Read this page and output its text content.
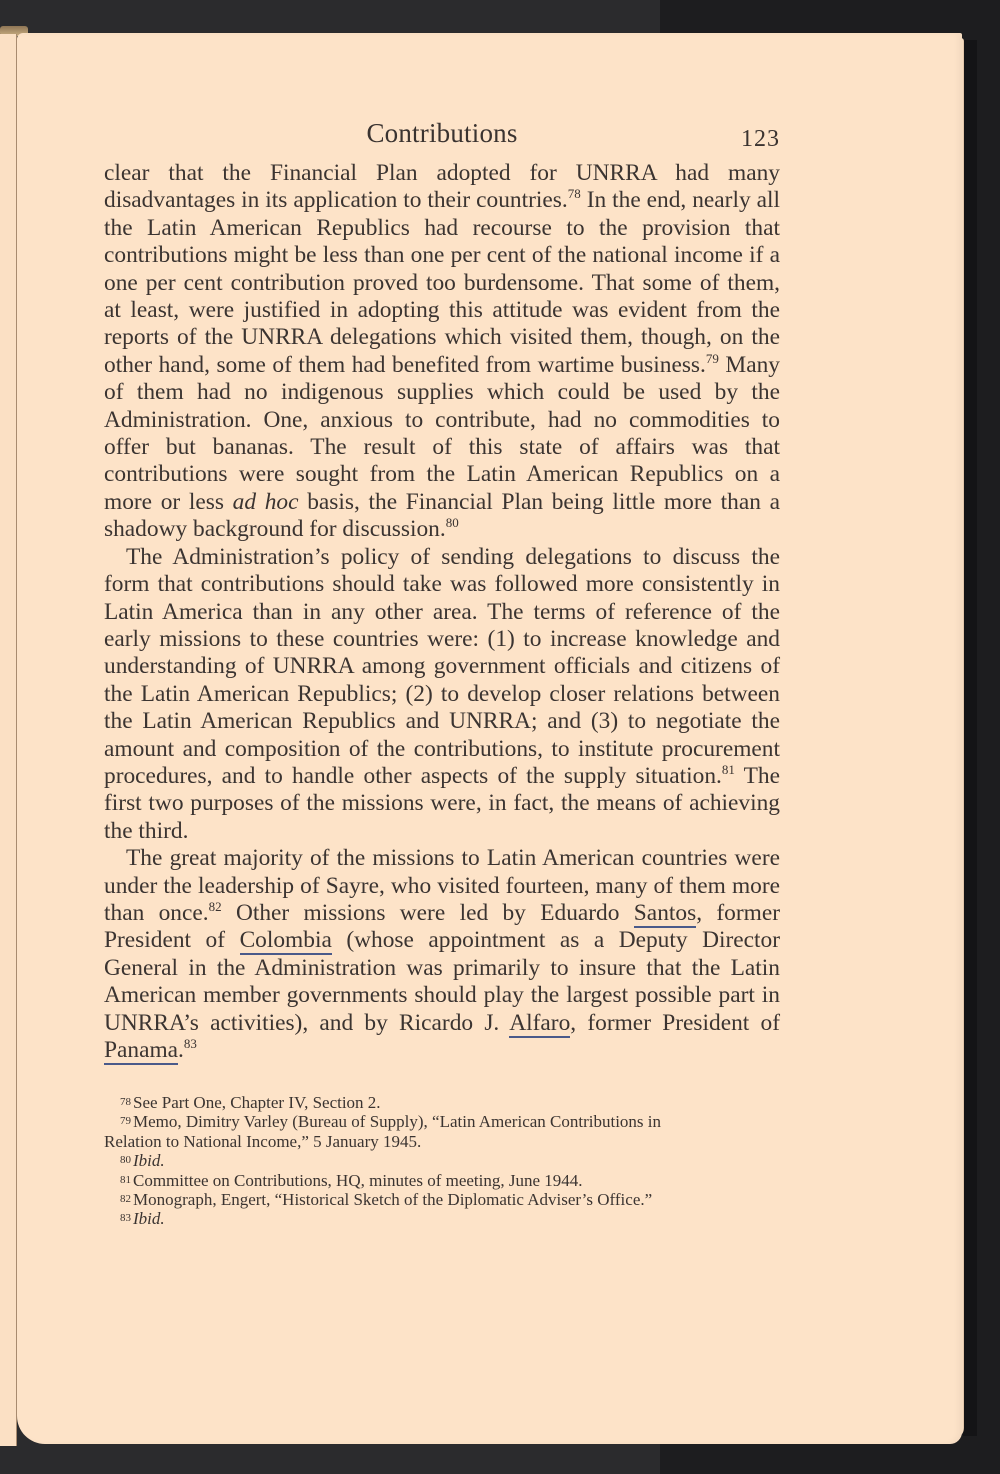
Contributions	123

clear that the Financial Plan adopted for UNRRA had many disadvantages in its application to their countries.$^{78}$ In the end, nearly all the Latin American Republics had recourse to the provision that contributions might be less than one per cent of the national income if a one per cent contribution proved too burdensome. That some of them, at least, were justified in adopting this attitude was evident from the reports of the UNRRA delegations which visited them, though, on the other hand, some of them had benefited from wartime business.$^{79}$ Many of them had no indigenous supplies which could be used by the Administration. One, anxious to contribute, had no commodities to offer but bananas. The result of this state of affairs was that contributions were sought from the Latin American Republics on a more or less ad hoc basis, the Financial Plan being little more than a shadowy background for discussion.$^{80}$

The Administration’s policy of sending delegations to discuss the form that contributions should take was followed more consistently in Latin America than in any other area. The terms of reference of the early missions to these countries were: (1) to increase knowledge and understanding of UNRRA among government officials and citizens of the Latin American Republics; (2) to develop closer relations between the Latin American Republics and UNRRA; and (3) to negotiate the amount and composition of the contributions, to institute procurement procedures, and to handle other aspects of the supply situation.$^{81}$ The first two purposes of the missions were, in fact, the means of achieving the third.

The great majority of the missions to Latin American countries were under the leadership of Sayre, who visited fourteen, many of them more than once.$^{82}$ Other missions were led by Eduardo Santos, former President of Colombia (whose appointment as a Deputy Director General in the Administration was primarily to insure that the Latin American member governments should play the largest possible part in UNRRA’s activities), and by Ricardo J. Alfaro, former President of Panama.$^{83}$

$^{78}$ See Part One, Chapter IV, Section 2.

$^{79}$ Memo, Dimitry Varley (Bureau of Supply), “Latin American Contributions in

Relation to National Income,” 5 January 1945.

$^{80}$ Ibid.

$^{81}$ Committee on Contributions, HQ, minutes of meeting, June 1944.

$^{82}$ Monograph, Engert, “Historical Sketch of the Diplomatic Adviser’s Office.”

$^{83}$ Ibid.
